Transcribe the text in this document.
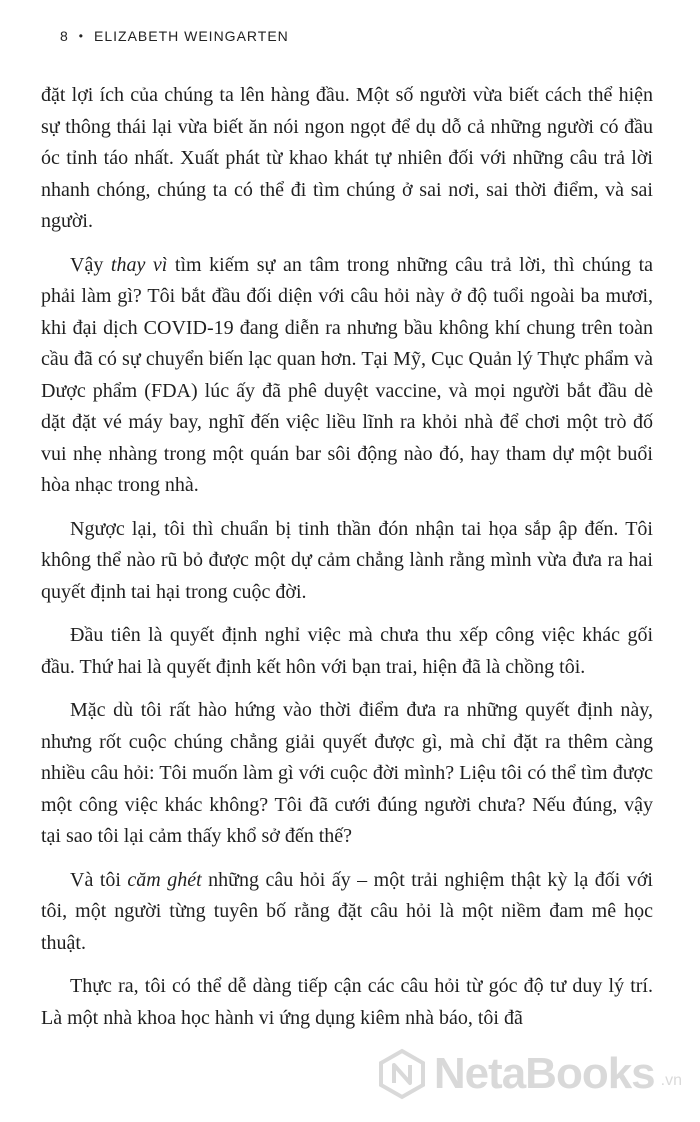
8 • ELIZABETH WEINGARTEN

đặt lợi ích của chúng ta lên hàng đầu. Một số người vừa biết cách thể hiện sự thông thái lại vừa biết ăn nói ngon ngọt để dụ dỗ cả những người có đầu óc tỉnh táo nhất. Xuất phát từ khao khát tự nhiên đối với những câu trả lời nhanh chóng, chúng ta có thể đi tìm chúng ở sai nơi, sai thời điểm, và sai người.

Vậy thay vì tìm kiếm sự an tâm trong những câu trả lời, thì chúng ta phải làm gì? Tôi bắt đầu đối diện với câu hỏi này ở độ tuổi ngoài ba mươi, khi đại dịch COVID-19 đang diễn ra nhưng bầu không khí chung trên toàn cầu đã có sự chuyển biến lạc quan hơn. Tại Mỹ, Cục Quản lý Thực phẩm và Dược phẩm (FDA) lúc ấy đã phê duyệt vaccine, và mọi người bắt đầu dè dặt đặt vé máy bay, nghĩ đến việc liều lĩnh ra khỏi nhà để chơi một trò đố vui nhẹ nhàng trong một quán bar sôi động nào đó, hay tham dự một buổi hòa nhạc trong nhà.

Ngược lại, tôi thì chuẩn bị tinh thần đón nhận tai họa sắp ập đến. Tôi không thể nào rũ bỏ được một dự cảm chẳng lành rằng mình vừa đưa ra hai quyết định tai hại trong cuộc đời.

Đầu tiên là quyết định nghỉ việc mà chưa thu xếp công việc khác gối đầu. Thứ hai là quyết định kết hôn với bạn trai, hiện đã là chồng tôi.

Mặc dù tôi rất hào hứng vào thời điểm đưa ra những quyết định này, nhưng rốt cuộc chúng chẳng giải quyết được gì, mà chỉ đặt ra thêm càng nhiều câu hỏi: Tôi muốn làm gì với cuộc đời mình? Liệu tôi có thể tìm được một công việc khác không? Tôi đã cưới đúng người chưa? Nếu đúng, vậy tại sao tôi lại cảm thấy khổ sở đến thế?

Và tôi căm ghét những câu hỏi ấy – một trải nghiệm thật kỳ lạ đối với tôi, một người từng tuyên bố rằng đặt câu hỏi là một niềm đam mê học thuật.

Thực ra, tôi có thể dễ dàng tiếp cận các câu hỏi từ góc độ tư duy lý trí. Là một nhà khoa học hành vi ứng dụng kiêm nhà báo, tôi đã

NetaBooks .vn
